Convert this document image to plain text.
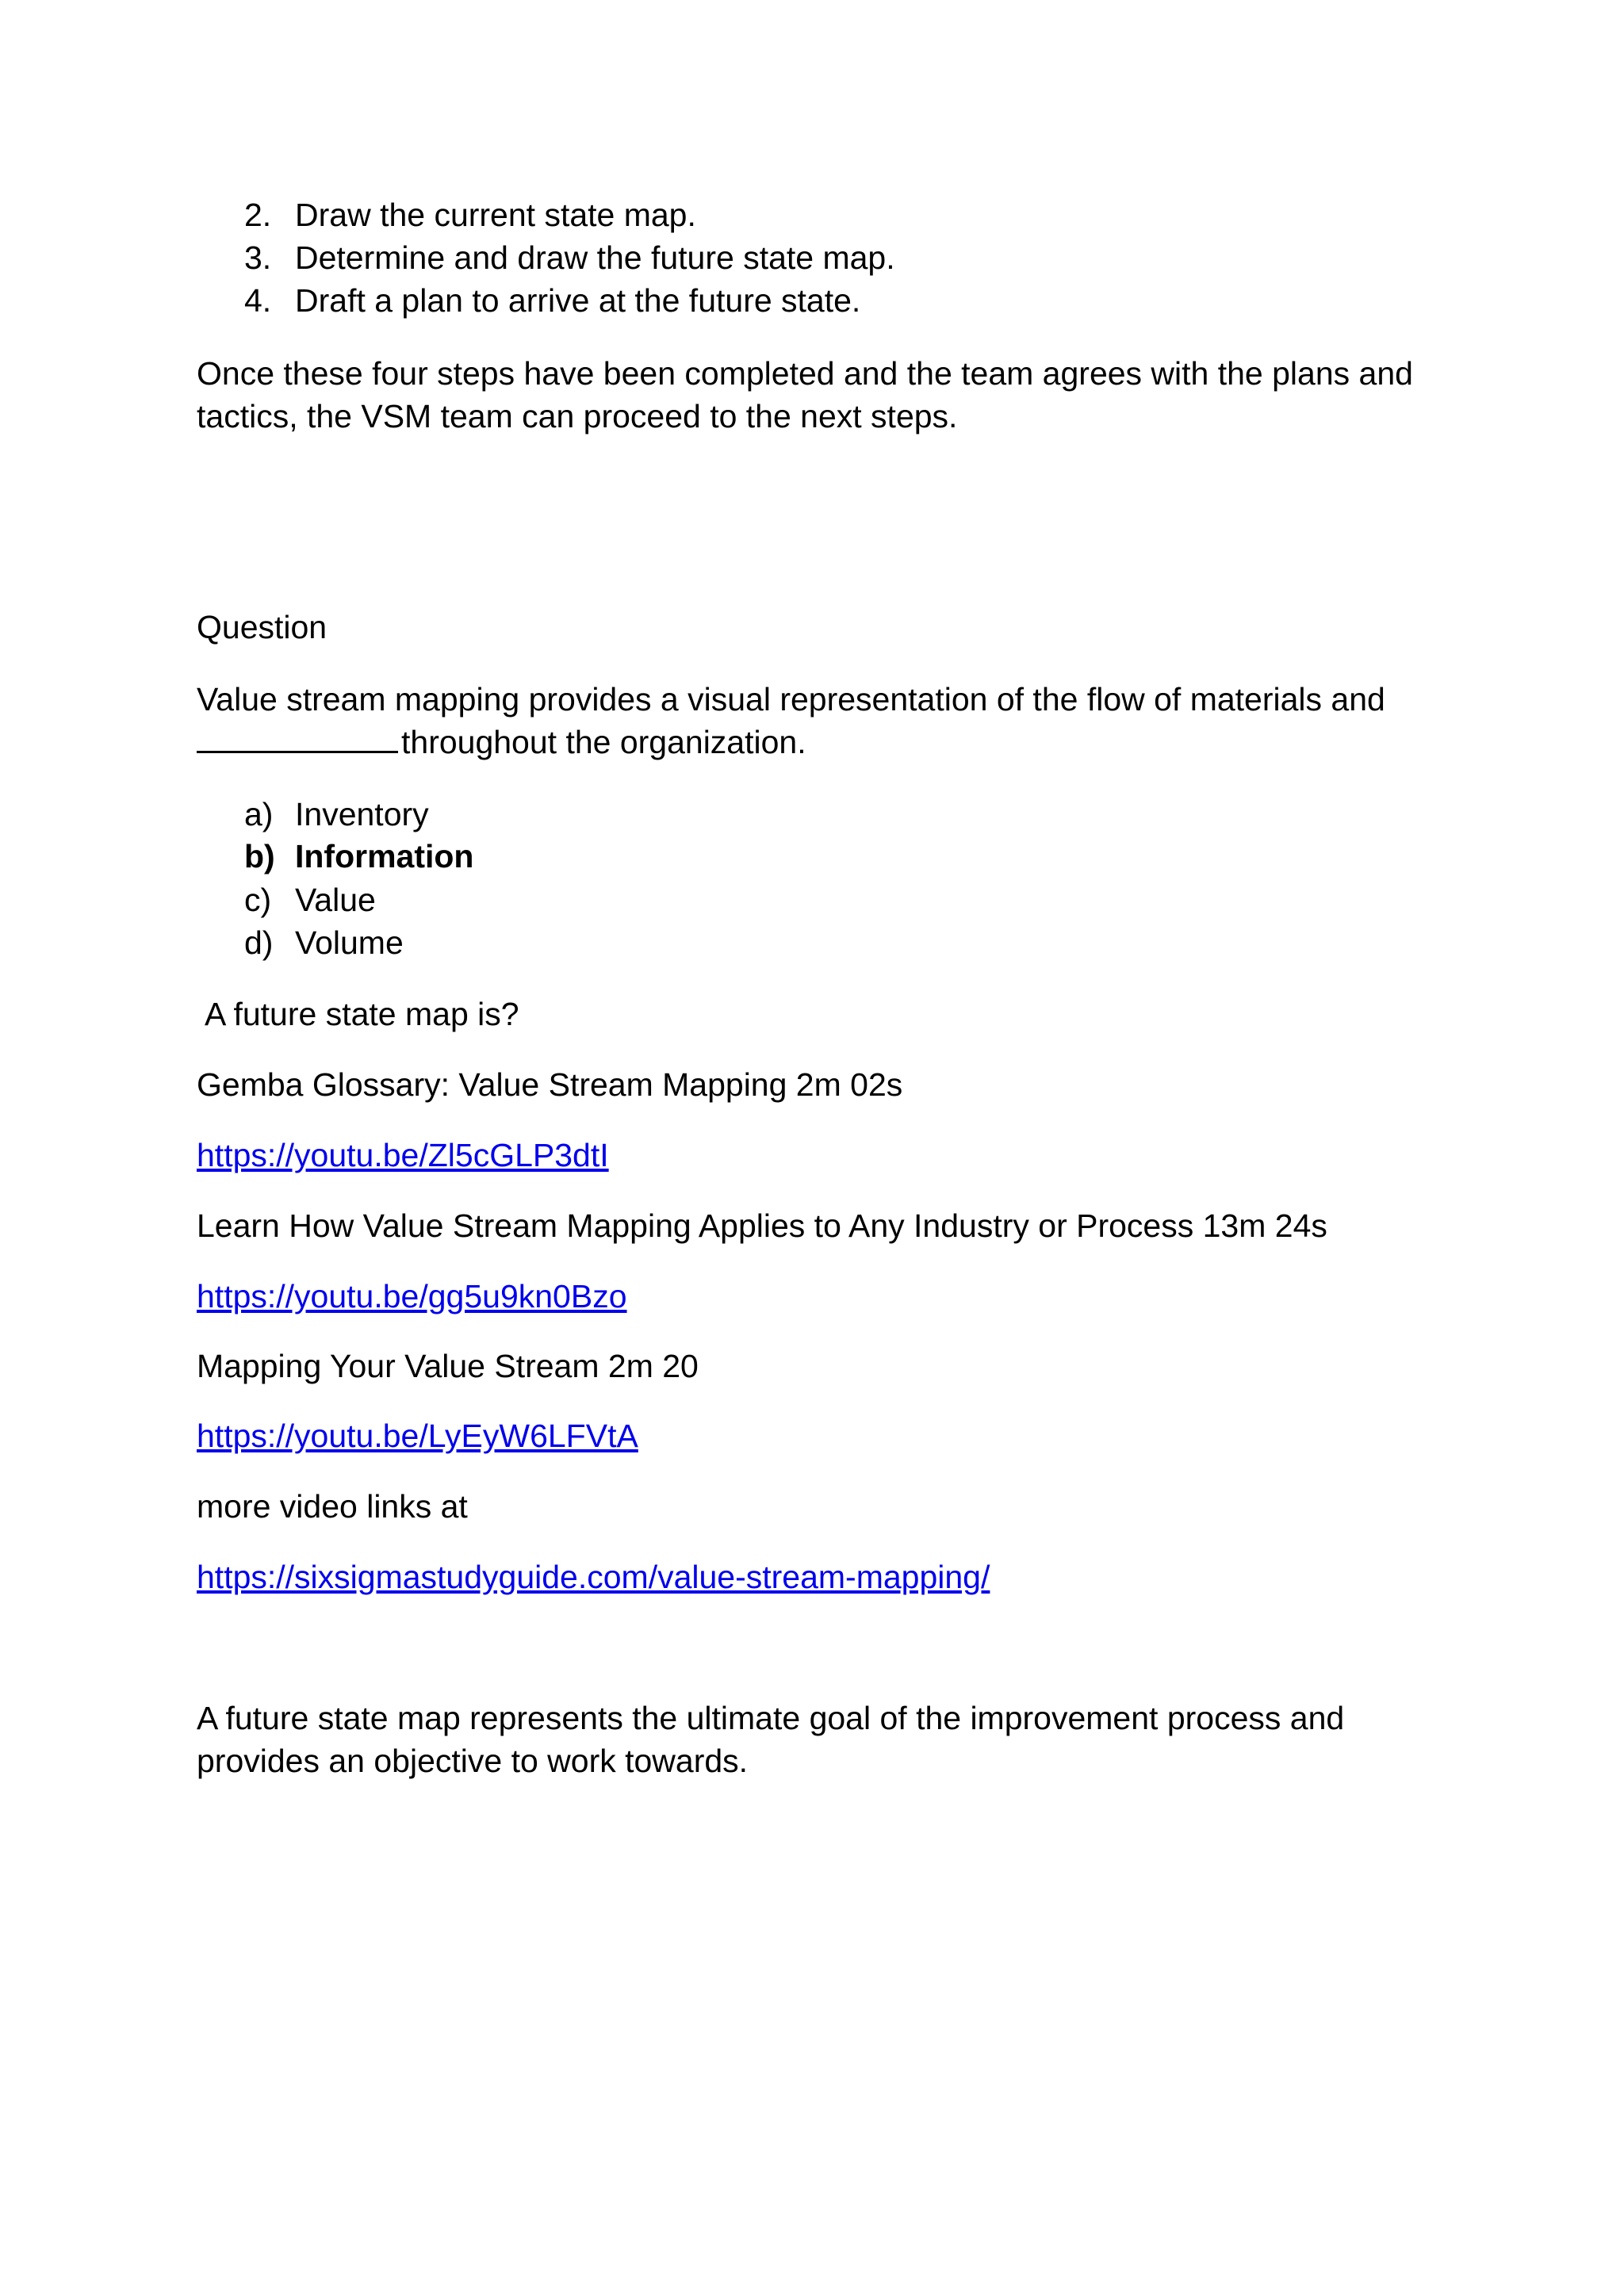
2. Draw the current state map.
3. Determine and draw the future state map.
4. Draft a plan to arrive at the future state.

Once these four steps have been completed and the team agrees with the plans and
tactics, the VSM team can proceed to the next steps.

Question

Value stream mapping provides a visual representation of the flow of materials and
throughout the organization.

a) Inventory
b) Information
c) Value
d) Volume

A future state map is?

Gemba Glossary: Value Stream Mapping 2m 02s

https://youtu.be/Zl5cGLP3dtI

Learn How Value Stream Mapping Applies to Any Industry or Process 13m 24s

https://youtu.be/gg5u9kn0Bzo

Mapping Your Value Stream 2m 20

https://youtu.be/LyEyW6LFVtA

more video links at

https://sixsigmastudyguide.com/value-stream-mapping/

A future state map represents the ultimate goal of the improvement process and
provides an objective to work towards.
